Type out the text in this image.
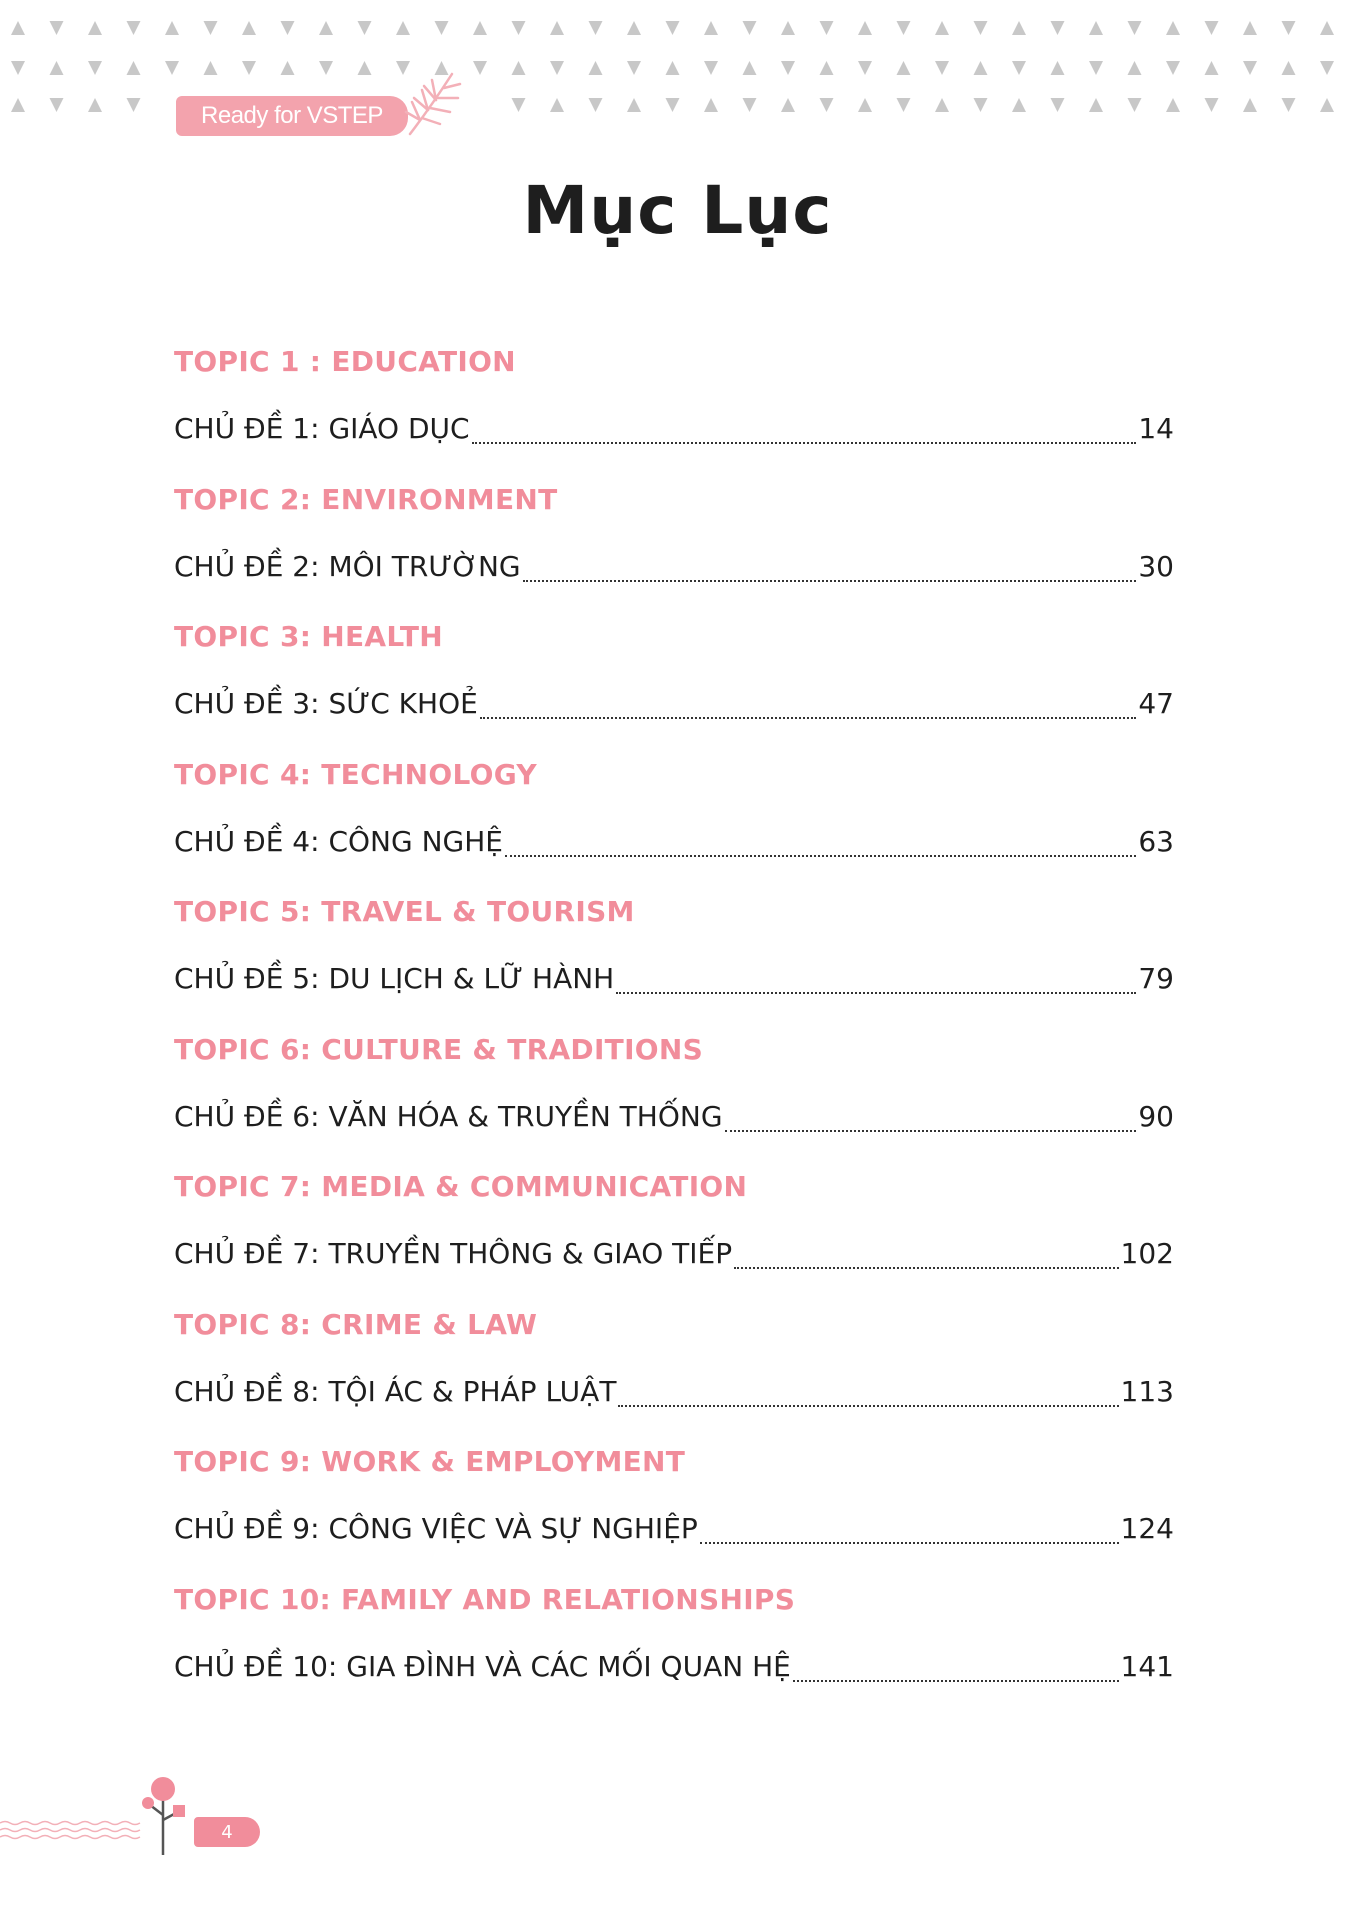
Ready for VSTEP
Mục Lục
TOPIC 1 : EDUCATION
CHỦ ĐỀ 1: GIÁO DỤC	14
TOPIC 2: ENVIRONMENT
CHỦ ĐỀ 2: MÔI TRƯỜNG	30
TOPIC 3: HEALTH
CHỦ ĐỀ 3: SỨC KHOẺ	47
TOPIC 4: TECHNOLOGY
CHỦ ĐỀ 4: CÔNG NGHỆ	63
TOPIC 5: TRAVEL & TOURISM
CHỦ ĐỀ 5: DU LỊCH & LỮ HÀNH	79
TOPIC 6: CULTURE & TRADITIONS
CHỦ ĐỀ 6: VĂN HÓA & TRUYỀN THỐNG	90
TOPIC 7: MEDIA & COMMUNICATION
CHỦ ĐỀ 7: TRUYỀN THÔNG & GIAO TIẾP	102
TOPIC 8: CRIME & LAW
CHỦ ĐỀ 8: TỘI ÁC & PHÁP LUẬT	113
TOPIC 9: WORK & EMPLOYMENT
CHỦ ĐỀ 9: CÔNG VIỆC VÀ SỰ NGHIỆP	124
TOPIC 10: FAMILY AND RELATIONSHIPS
CHỦ ĐỀ 10: GIA ĐÌNH VÀ CÁC MỐI QUAN HỆ	141
4
